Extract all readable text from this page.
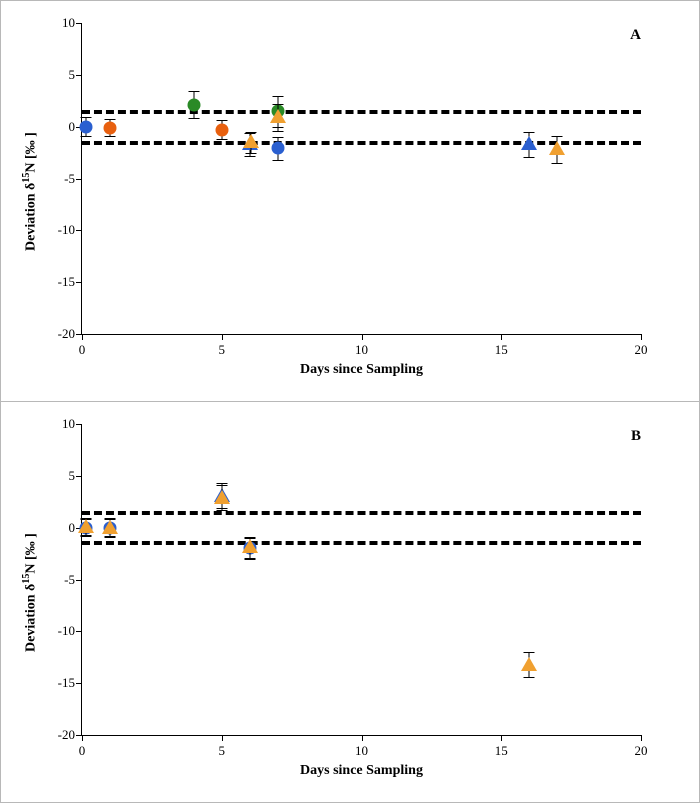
A
Deviation $\delta^{15}N$ [‰ ]
Days since Sampling
10
5
0
-5
-10
-15
-20
0	5	10	15	20
B
Deviation $\delta^{15}N$ [‰ ]
Days since Sampling
10
5
0
-5
-10
-15
-20
0	5	10	15	20
